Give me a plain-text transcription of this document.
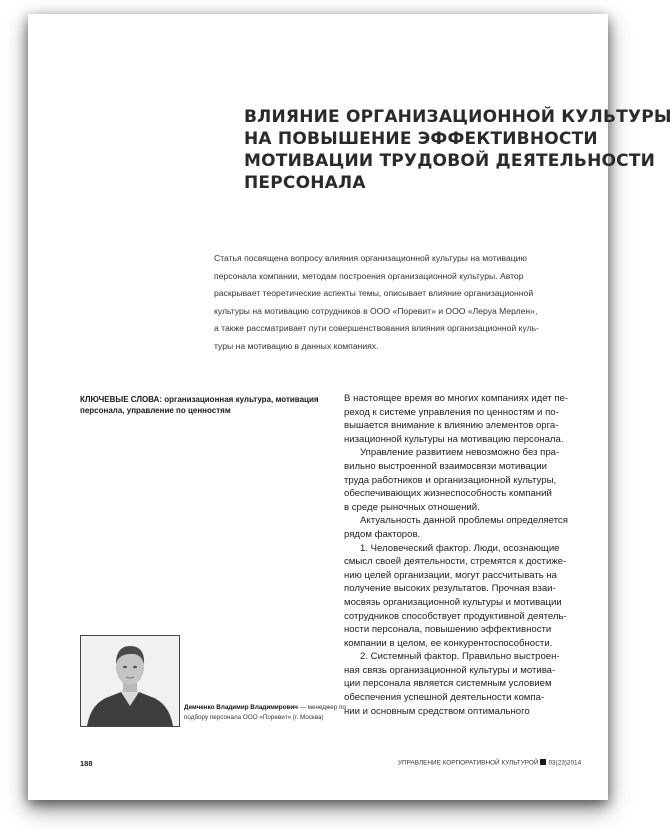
ВЛИЯНИЕ ОРГАНИЗАЦИОННОЙ КУЛЬТУРЫ
НА ПОВЫШЕНИЕ ЭФФЕКТИВНОСТИ
МОТИВАЦИИ ТРУДОВОЙ ДЕЯТЕЛЬНОСТИ
ПЕРСОНАЛА

Статья посвящена вопросу влияния организационной культуры на мотивацию
персонала компании, методам построения организационной культуры. Автор
раскрывает теоретические аспекты темы, описывает влияние организационной
культуры на мотивацию сотрудников в ООО «Поревит» и ООО «Леруа Мерлен»,
а также рассматривает пути совершенствования влияния организационной куль-
туры на мотивацию в данных компаниях.

КЛЮЧЕВЫЕ СЛОВА: организационная культура, мотивация
персонала, управление по ценностям

Демченко Владимир Владимирович — менеджер по
подбору персонала ООО «Поревит» (г. Москва)

В настоящее время во многих компаниях идет пе-
реход к системе управления по ценностям и по-
вышается внимание к влиянию элементов орга-
низационной культуры на мотивацию персонала.
Управление развитием невозможно без пра-
вильно выстроенной взаимосвязи мотивации
труда работников и организационной культуры,
обеспечивающих жизнеспособность компаний
в среде рыночных отношений.
Актуальность данной проблемы определяется
рядом факторов.
1. Человеческий фактор. Люди, осознающие
смысл своей деятельности, стремятся к достиже-
нию целей организации, могут рассчитывать на
получение высоких результатов. Прочная взаи-
мосвязь организационной культуры и мотивации
сотрудников способствует продуктивной деятель-
ности персонала, повышению эффективности
компании в целом, ее конкурентоспособности.
2. Системный фактор. Правильно выстроен-
ная связь организационной культуры и мотива-
ции персонала является системным условием
обеспечения успешной деятельности компа-
нии и основным средством оптимального

188	УПРАВЛЕНИЕ КОРПОРАТИВНОЙ КУЛЬТУРОЙ 03(23)2014
